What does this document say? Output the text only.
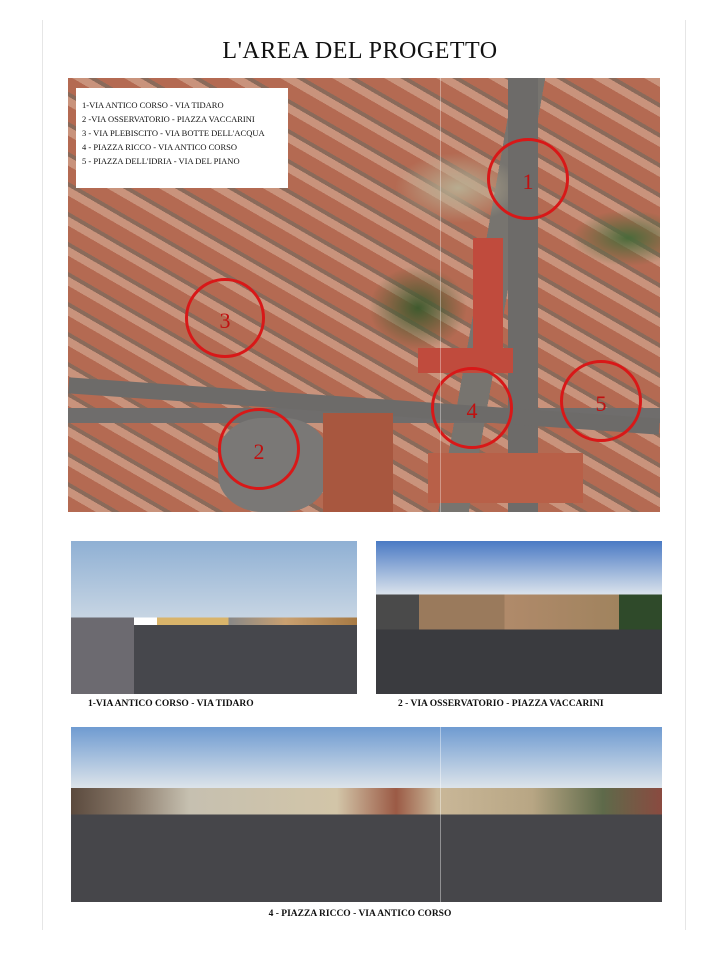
L'AREA DEL PROGETTO
1-VIA ANTICO CORSO - VIA TIDARO
2 -VIA OSSERVATORIO - PIAZZA VACCARINI
3 - VIA PLEBISCITO - VIA BOTTE DELL'ACQUA
4 - PIAZZA RICCO - VIA ANTICO CORSO
5 - PIAZZA DELL'IDRIA - VIA DEL PIANO
1
2
3
4	5
1-VIA ANTICO CORSO - VIA TIDARO	2 - VIA OSSERVATORIO - PIAZZA VACCARINI
4 - PIAZZA RICCO - VIA ANTICO CORSO
